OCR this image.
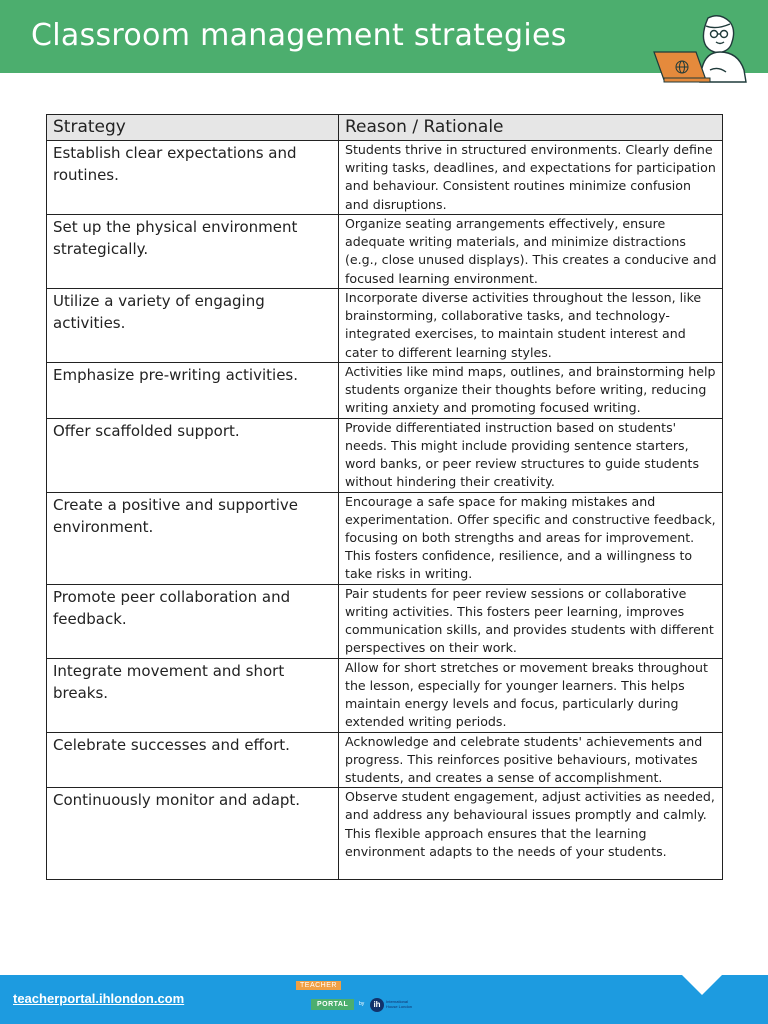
Classroom management strategies
Strategy	Reason / Rationale
Establish clear expectations and routines.	Students thrive in structured environments. Clearly define writing tasks, deadlines, and expectations for participation and behaviour. Consistent routines minimize confusion and disruptions.
Set up the physical environment strategically.	Organize seating arrangements effectively, ensure adequate writing materials, and minimize distractions (e.g., close unused displays). This creates a conducive and focused learning environment.
Utilize a variety of engaging activities.	Incorporate diverse activities throughout the lesson, like brainstorming, collaborative tasks, and technology-integrated exercises, to maintain student interest and cater to different learning styles.
Emphasize pre-writing activities.	Activities like mind maps, outlines, and brainstorming help students organize their thoughts before writing, reducing writing anxiety and promoting focused writing.
Offer scaffolded support.	Provide differentiated instruction based on students' needs. This might include providing sentence starters, word banks, or peer review structures to guide students without hindering their creativity.
Create a positive and supportive environment.	Encourage a safe space for making mistakes and experimentation. Offer specific and constructive feedback, focusing on both strengths and areas for improvement. This fosters confidence, resilience, and a willingness to take risks in writing.
Promote peer collaboration and feedback.	Pair students for peer review sessions or collaborative writing activities. This fosters peer learning, improves communication skills, and provides students with different perspectives on their work.
Integrate movement and short breaks.	Allow for short stretches or movement breaks throughout the lesson, especially for younger learners. This helps maintain energy levels and focus, particularly during extended writing periods.
Celebrate successes and effort.	Acknowledge and celebrate students' achievements and progress. This reinforces positive behaviours, motivates students, and creates a sense of accomplishment.
Continuously monitor and adapt.	Observe student engagement, adjust activities as needed, and address any behavioural issues promptly and calmly. This flexible approach ensures that the learning environment adapts to the needs of your students.
teacherportal.ihlondon.com
TEACHER
PORTAL	by	ih	International House London
